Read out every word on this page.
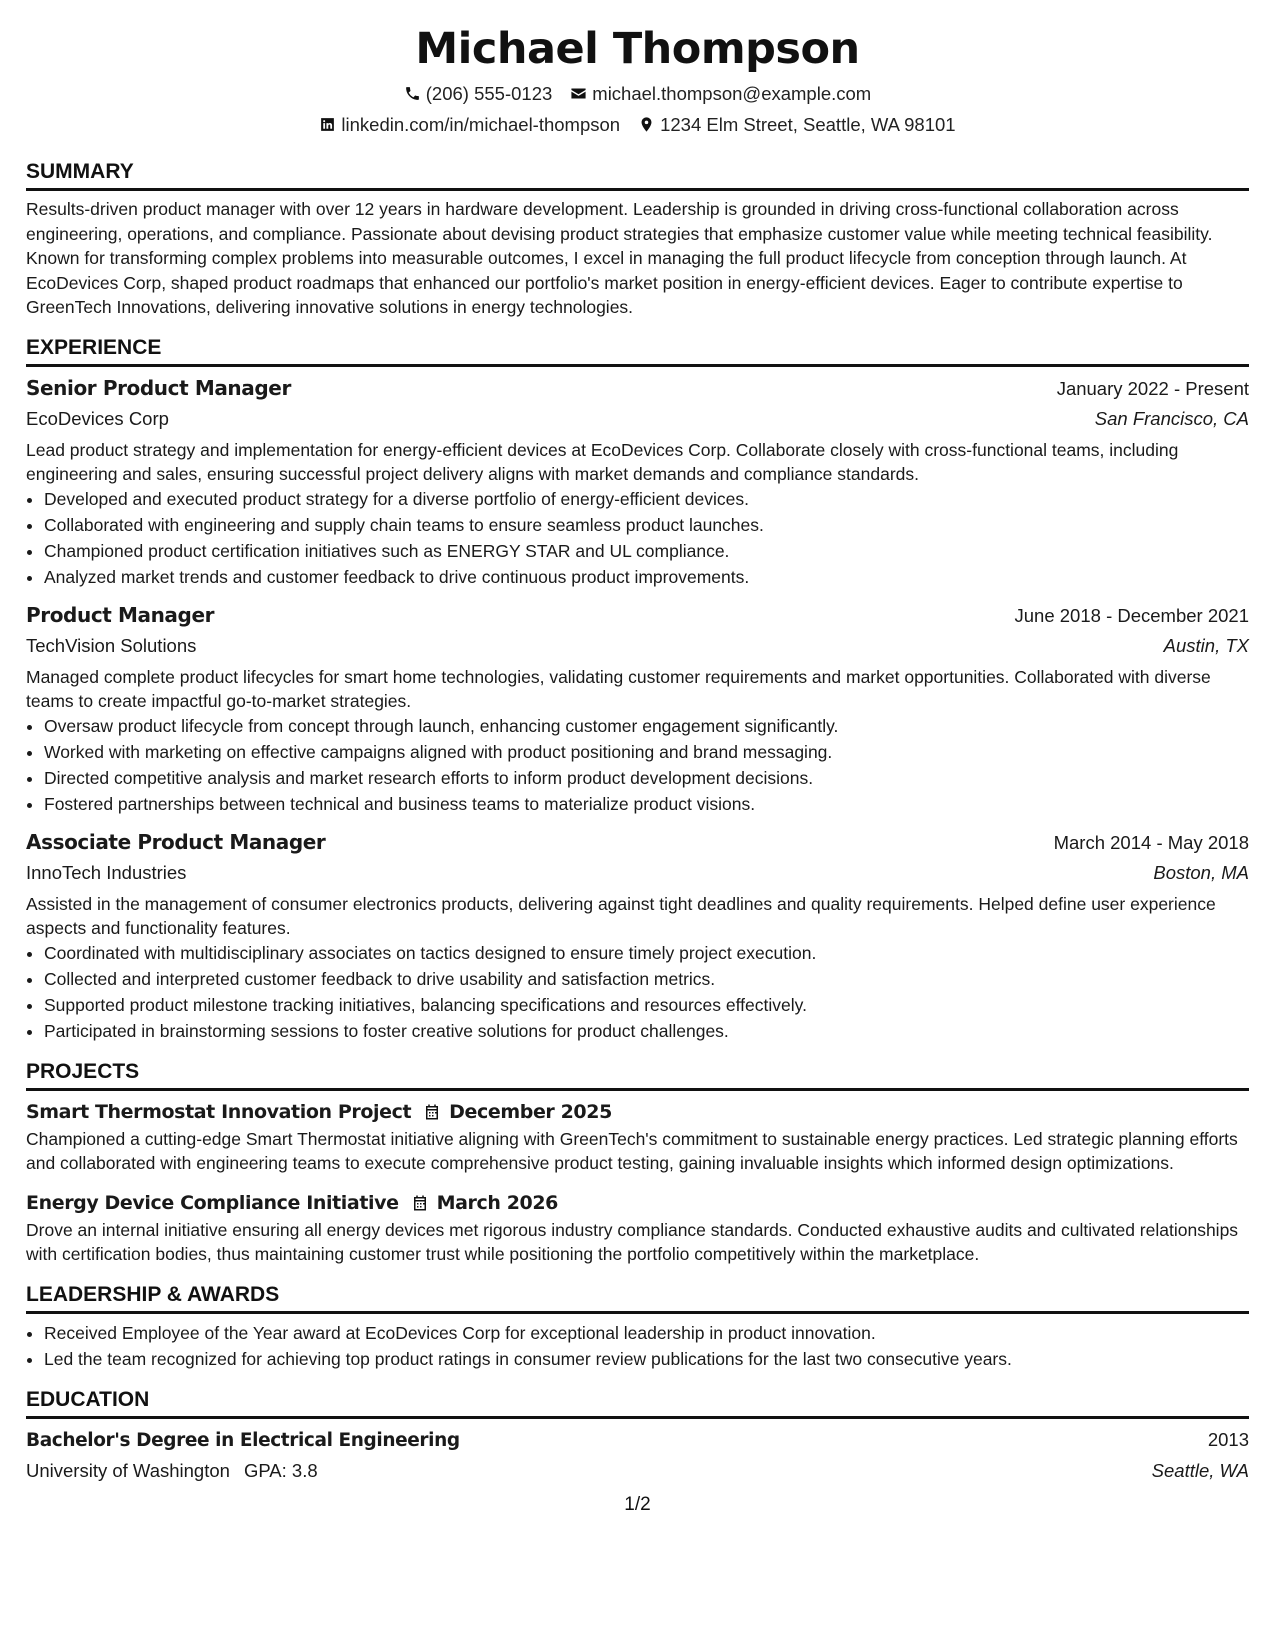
Michael Thompson
(206) 555-0123 michael.thompson@example.com
linkedin.com/in/michael-thompson 1234 Elm Street, Seattle, WA 98101
SUMMARY

Results-driven product manager with over 12 years in hardware development. Leadership is grounded in driving cross-functional collaboration across engineering, operations, and compliance. Passionate about devising product strategies that emphasize customer value while meeting technical feasibility. Known for transforming complex problems into measurable outcomes, I excel in managing the full product lifecycle from conception through launch. At EcoDevices Corp, shaped product roadmaps that enhanced our portfolio's market position in energy-efficient devices. Eager to contribute expertise to GreenTech Innovations, delivering innovative solutions in energy technologies.

EXPERIENCE
Senior Product Manager	January 2022 - Present
EcoDevices Corp	San Francisco, CA

Lead product strategy and implementation for energy-efficient devices at EcoDevices Corp. Collaborate closely with cross-functional teams, including engineering and sales, ensuring successful project delivery aligns with market demands and compliance standards.

• Developed and executed product strategy for a diverse portfolio of energy-efficient devices.
• Collaborated with engineering and supply chain teams to ensure seamless product launches.
• Championed product certification initiatives such as ENERGY STAR and UL compliance.
• Analyzed market trends and customer feedback to drive continuous product improvements.
Product Manager	June 2018 - December 2021
TechVision Solutions	Austin, TX

Managed complete product lifecycles for smart home technologies, validating customer requirements and market opportunities. Collaborated with diverse teams to create impactful go-to-market strategies.

• Oversaw product lifecycle from concept through launch, enhancing customer engagement significantly.
• Worked with marketing on effective campaigns aligned with product positioning and brand messaging.
• Directed competitive analysis and market research efforts to inform product development decisions.
• Fostered partnerships between technical and business teams to materialize product visions.
Associate Product Manager	March 2014 - May 2018
InnoTech Industries	Boston, MA

Assisted in the management of consumer electronics products, delivering against tight deadlines and quality requirements. Helped define user experience aspects and functionality features.

• Coordinated with multidisciplinary associates on tactics designed to ensure timely project execution.
• Collected and interpreted customer feedback to drive usability and satisfaction metrics.
• Supported product milestone tracking initiatives, balancing specifications and resources effectively.
• Participated in brainstorming sessions to foster creative solutions for product challenges.
PROJECTS
Smart Thermostat Innovation Project December 2025

Championed a cutting-edge Smart Thermostat initiative aligning with GreenTech's commitment to sustainable energy practices. Led strategic planning efforts and collaborated with engineering teams to execute comprehensive product testing, gaining invaluable insights which informed design optimizations.

Energy Device Compliance Initiative March 2026

Drove an internal initiative ensuring all energy devices met rigorous industry compliance standards. Conducted exhaustive audits and cultivated relationships with certification bodies, thus maintaining customer trust while positioning the portfolio competitively within the marketplace.

LEADERSHIP & AWARDS
• Received Employee of the Year award at EcoDevices Corp for exceptional leadership in product innovation.
• Led the team recognized for achieving top product ratings in consumer review publications for the last two consecutive years.
EDUCATION
Bachelor's Degree in Electrical Engineering	2013
University of Washington GPA: 3.8	Seattle, WA
1/2
